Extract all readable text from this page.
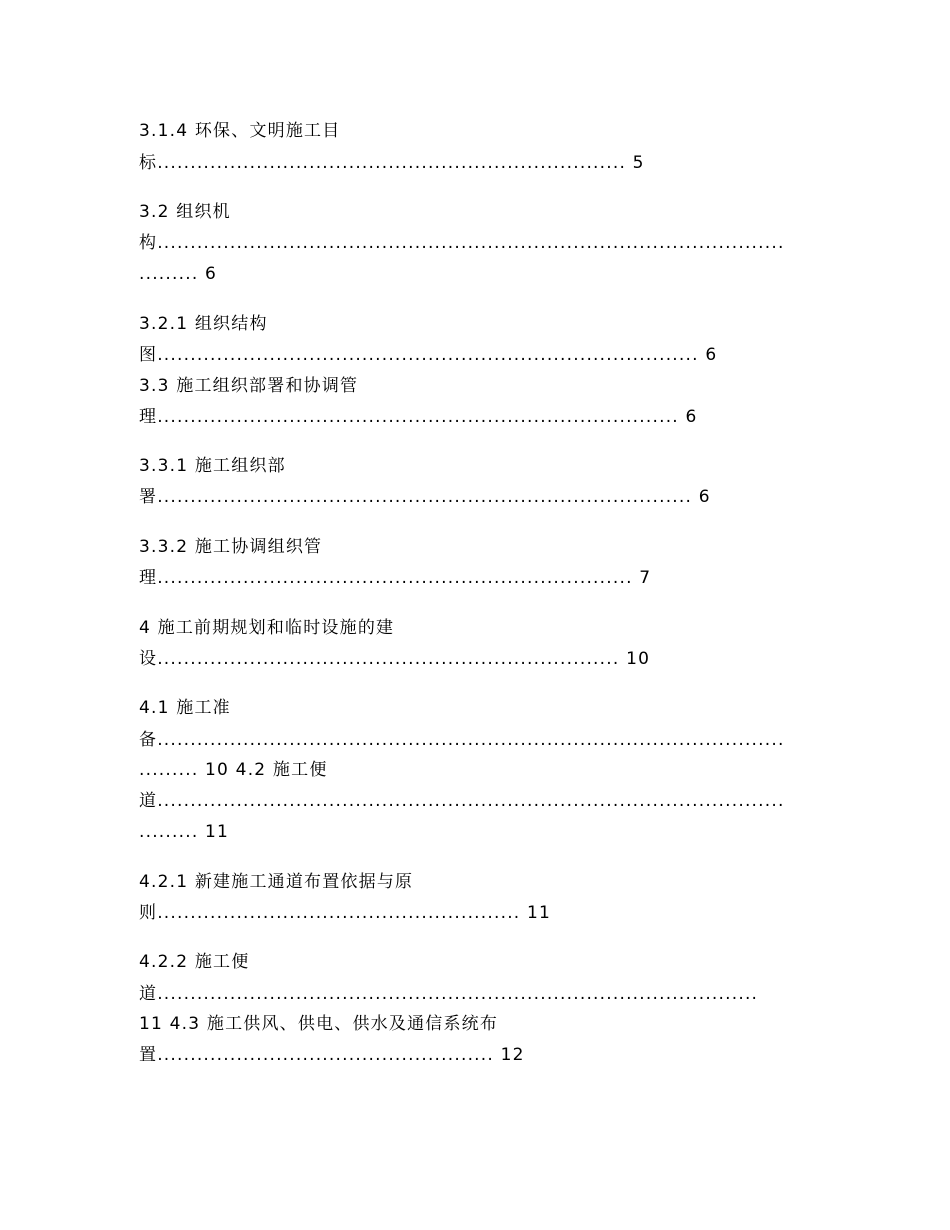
3.1.4 环保、文明施工目
标....................................................................... 5
3.2 组织机
构...............................................................................................
......... 6
3.2.1 组织结构
图.................................................................................. 6
3.3 施工组织部署和协调管
理............................................................................... 6
3.3.1 施工组织部
署................................................................................. 6
3.3.2 施工协调组织管
理........................................................................ 7
4 施工前期规划和临时设施的建
设...................................................................... 10
4.1 施工准
备...............................................................................................
......... 10 4.2 施工便
道...............................................................................................
......... 11
4.2.1 新建施工通道布置依据与原
则....................................................... 11
4.2.2 施工便
道...........................................................................................
11 4.3 施工供风、供电、供水及通信系统布
置................................................... 12
